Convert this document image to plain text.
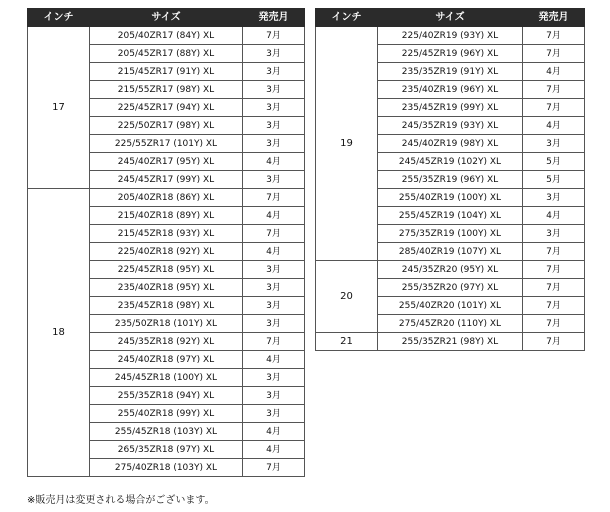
インチ	サイズ	発売月
17	205/40ZR17 (84Y) XL	7月
	205/45ZR17 (88Y) XL	3月
	215/45ZR17 (91Y) XL	3月
	215/55ZR17 (98Y) XL	3月
	225/45ZR17 (94Y) XL	3月
	225/50ZR17 (98Y) XL	3月
	225/55ZR17 (101Y) XL	3月
	245/40ZR17 (95Y) XL	4月
	245/45ZR17 (99Y) XL	3月
18	205/40ZR18 (86Y) XL	7月
	215/40ZR18 (89Y) XL	4月
	215/45ZR18 (93Y) XL	7月
	225/40ZR18 (92Y) XL	4月
	225/45ZR18 (95Y) XL	3月
	235/40ZR18 (95Y) XL	3月
	235/45ZR18 (98Y) XL	3月
	235/50ZR18 (101Y) XL	3月
	245/35ZR18 (92Y) XL	7月
	245/40ZR18 (97Y) XL	4月
	245/45ZR18 (100Y) XL	3月
	255/35ZR18 (94Y) XL	3月
	255/40ZR18 (99Y) XL	3月
	255/45ZR18 (103Y) XL	4月
	265/35ZR18 (97Y) XL	4月
	275/40ZR18 (103Y) XL	7月
インチ	サイズ	発売月
19	225/40ZR19 (93Y) XL	7月
	225/45ZR19 (96Y) XL	7月
	235/35ZR19 (91Y) XL	4月
	235/40ZR19 (96Y) XL	7月
	235/45ZR19 (99Y) XL	7月
	245/35ZR19 (93Y) XL	4月
	245/40ZR19 (98Y) XL	3月
	245/45ZR19 (102Y) XL	5月
	255/35ZR19 (96Y) XL	5月
	255/40ZR19 (100Y) XL	3月
	255/45ZR19 (104Y) XL	4月
	275/35ZR19 (100Y) XL	3月
	285/40ZR19 (107Y) XL	7月
20	245/35ZR20 (95Y) XL	7月
	255/35ZR20 (97Y) XL	7月
	255/40ZR20 (101Y) XL	7月
	275/45ZR20 (110Y) XL	7月
21	255/35ZR21 (98Y) XL	7月
※販売月は変更される場合がございます。
